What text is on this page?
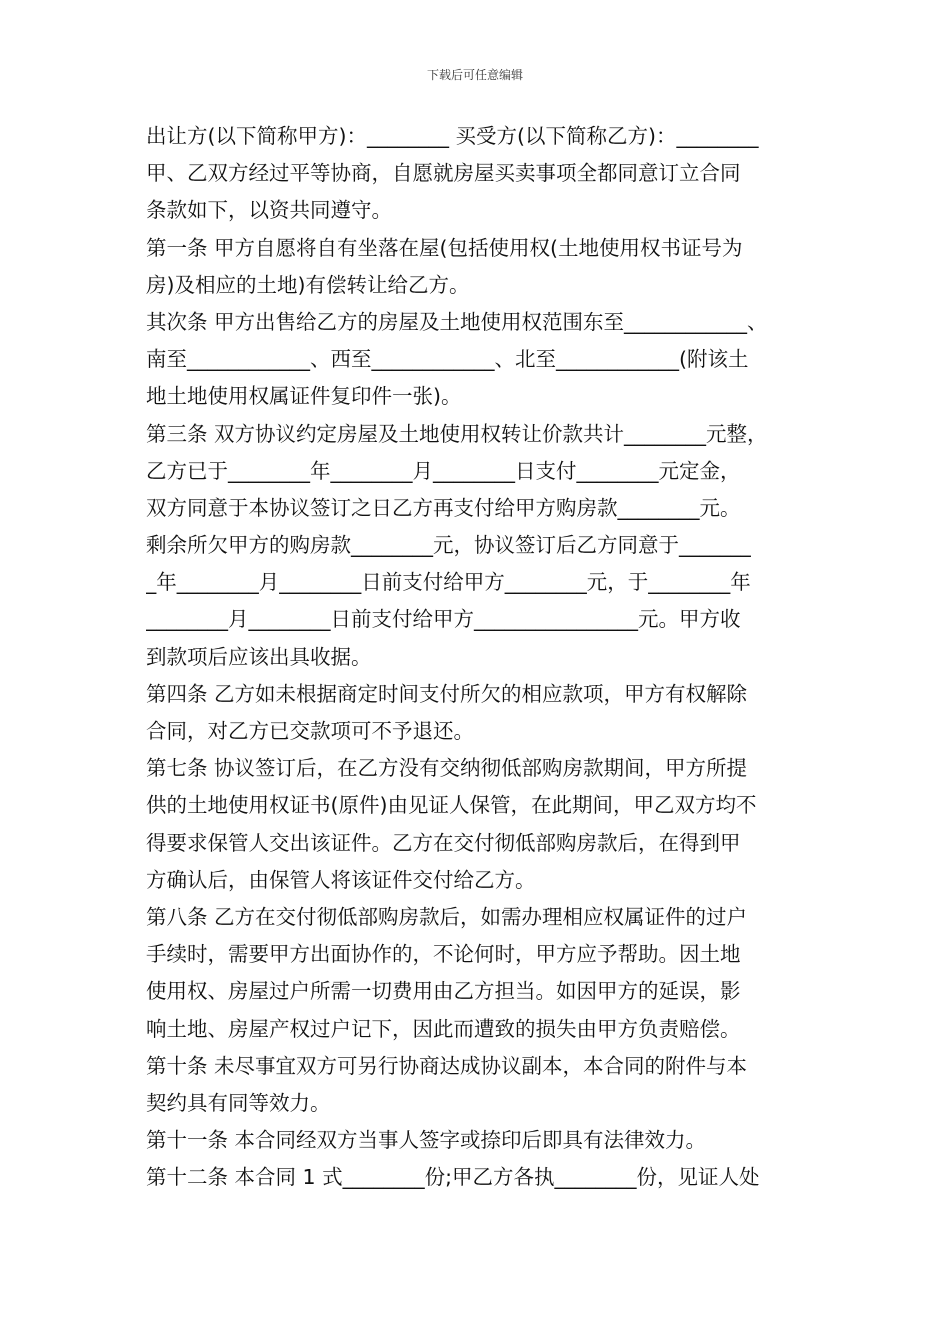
下载后可任意编辑
出让方(以下简称甲方)：________ 买受方(以下简称乙方)：________
甲、乙双方经过平等协商，自愿就房屋买卖事项全都同意订立合同
条款如下，以资共同遵守。
第一条 甲方自愿将自有坐落在屋(包括使用权(土地使用权书证号为
房)及相应的土地)有偿转让给乙方。
其次条 甲方出售给乙方的房屋及土地使用权范围东至____________、
南至____________、西至____________、北至____________(附该土
地土地使用权属证件复印件一张)。
第三条 双方协议约定房屋及土地使用权转让价款共计________元整，
乙方已于________年________月________日支付________元定金，
双方同意于本协议签订之日乙方再支付给甲方购房款________元。
剩余所欠甲方的购房款________元，协议签订后乙方同意于_______
_年________月________日前支付给甲方________元，于________年
________月________日前支付给甲方________________元。甲方收
到款项后应该出具收据。
第四条 乙方如未根据商定时间支付所欠的相应款项，甲方有权解除
合同，对乙方已交款项可不予退还。
第七条 协议签订后，在乙方没有交纳彻低部购房款期间，甲方所提
供的土地使用权证书(原件)由见证人保管，在此期间，甲乙双方均不
得要求保管人交出该证件。乙方在交付彻低部购房款后，在得到甲
方确认后，由保管人将该证件交付给乙方。
第八条 乙方在交付彻低部购房款后，如需办理相应权属证件的过户
手续时，需要甲方出面协作的，不论何时，甲方应予帮助。因土地
使用权、房屋过户所需一切费用由乙方担当。如因甲方的延误，影
响土地、房屋产权过户记下，因此而遭致的损失由甲方负责赔偿。
第十条 未尽事宜双方可另行协商达成协议副本，本合同的附件与本
契约具有同等效力。
第十一条 本合同经双方当事人签字或捺印后即具有法律效力。
第十二条 本合同 1 式________份;甲乙方各执________份，见证人处
